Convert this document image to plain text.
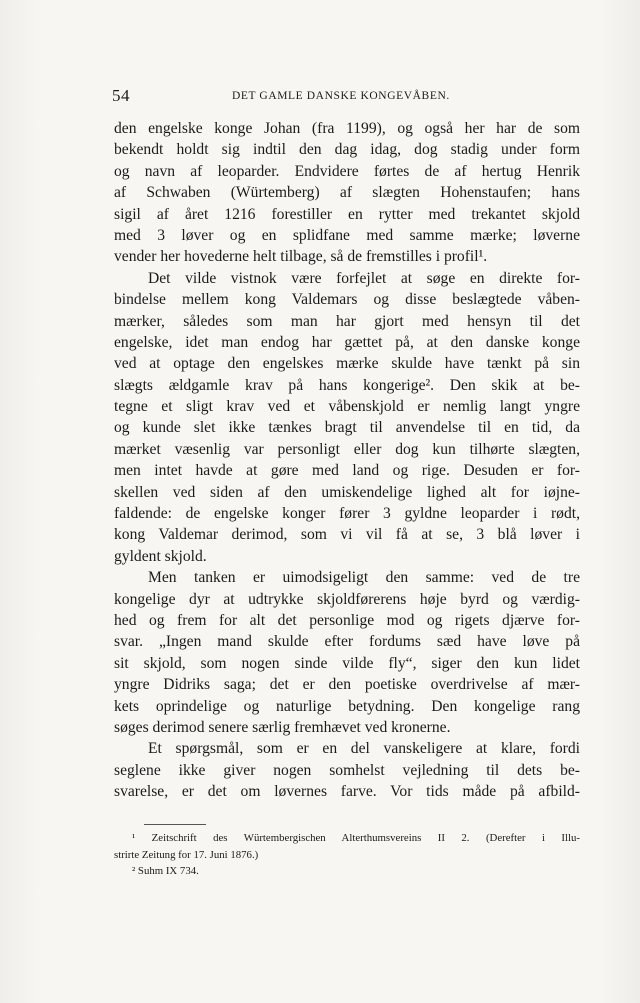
54	DET GAMLE DANSKE KONGEVÅBEN.
den engelske konge Johan (fra 1199), og også her har de som
bekendt holdt sig indtil den dag idag, dog stadig under form
og navn af leoparder. Endvidere førtes de af hertug Henrik
af Schwaben (Würtemberg) af slægten Hohenstaufen; hans
sigil af året 1216 forestiller en rytter med trekantet skjold
med 3 løver og en splidfane med samme mærke; løverne
vender her hovederne helt tilbage, så de fremstilles i profil¹.
Det vilde vistnok være forfejlet at søge en direkte for-
bindelse mellem kong Valdemars og disse beslægtede våben-
mærker, således som man har gjort med hensyn til det
engelske, idet man endog har gættet på, at den danske konge
ved at optage den engelskes mærke skulde have tænkt på sin
slægts ældgamle krav på hans kongerige². Den skik at be-
tegne et sligt krav ved et våbenskjold er nemlig langt yngre
og kunde slet ikke tænkes bragt til anvendelse til en tid, da
mærket væsenlig var personligt eller dog kun tilhørte slægten,
men intet havde at gøre med land og rige. Desuden er for-
skellen ved siden af den umiskendelige lighed alt for iøjne-
faldende: de engelske konger fører 3 gyldne leoparder i rødt,
kong Valdemar derimod, som vi vil få at se, 3 blå løver i
gyldent skjold.
Men tanken er uimodsigeligt den samme: ved de tre
kongelige dyr at udtrykke skjoldførerens høje byrd og værdig-
hed og frem for alt det personlige mod og rigets djærve for-
svar. „Ingen mand skulde efter fordums sæd have løve på
sit skjold, som nogen sinde vilde fly“, siger den kun lidet
yngre Didriks saga; det er den poetiske overdrivelse af mær-
kets oprindelige og naturlige betydning. Den kongelige rang
søges derimod senere særlig fremhævet ved kronerne.
Et spørgsmål, som er en del vanskeligere at klare, fordi
seglene ikke giver nogen somhelst vejledning til dets be-
svarelse, er det om løvernes farve. Vor tids måde på afbild-
¹ Zeitschrift des Würtembergischen Alterthumsvereins II 2. (Derefter i Illu-
strirte Zeitung for 17. Juni 1876.)
² Suhm IX 734.
